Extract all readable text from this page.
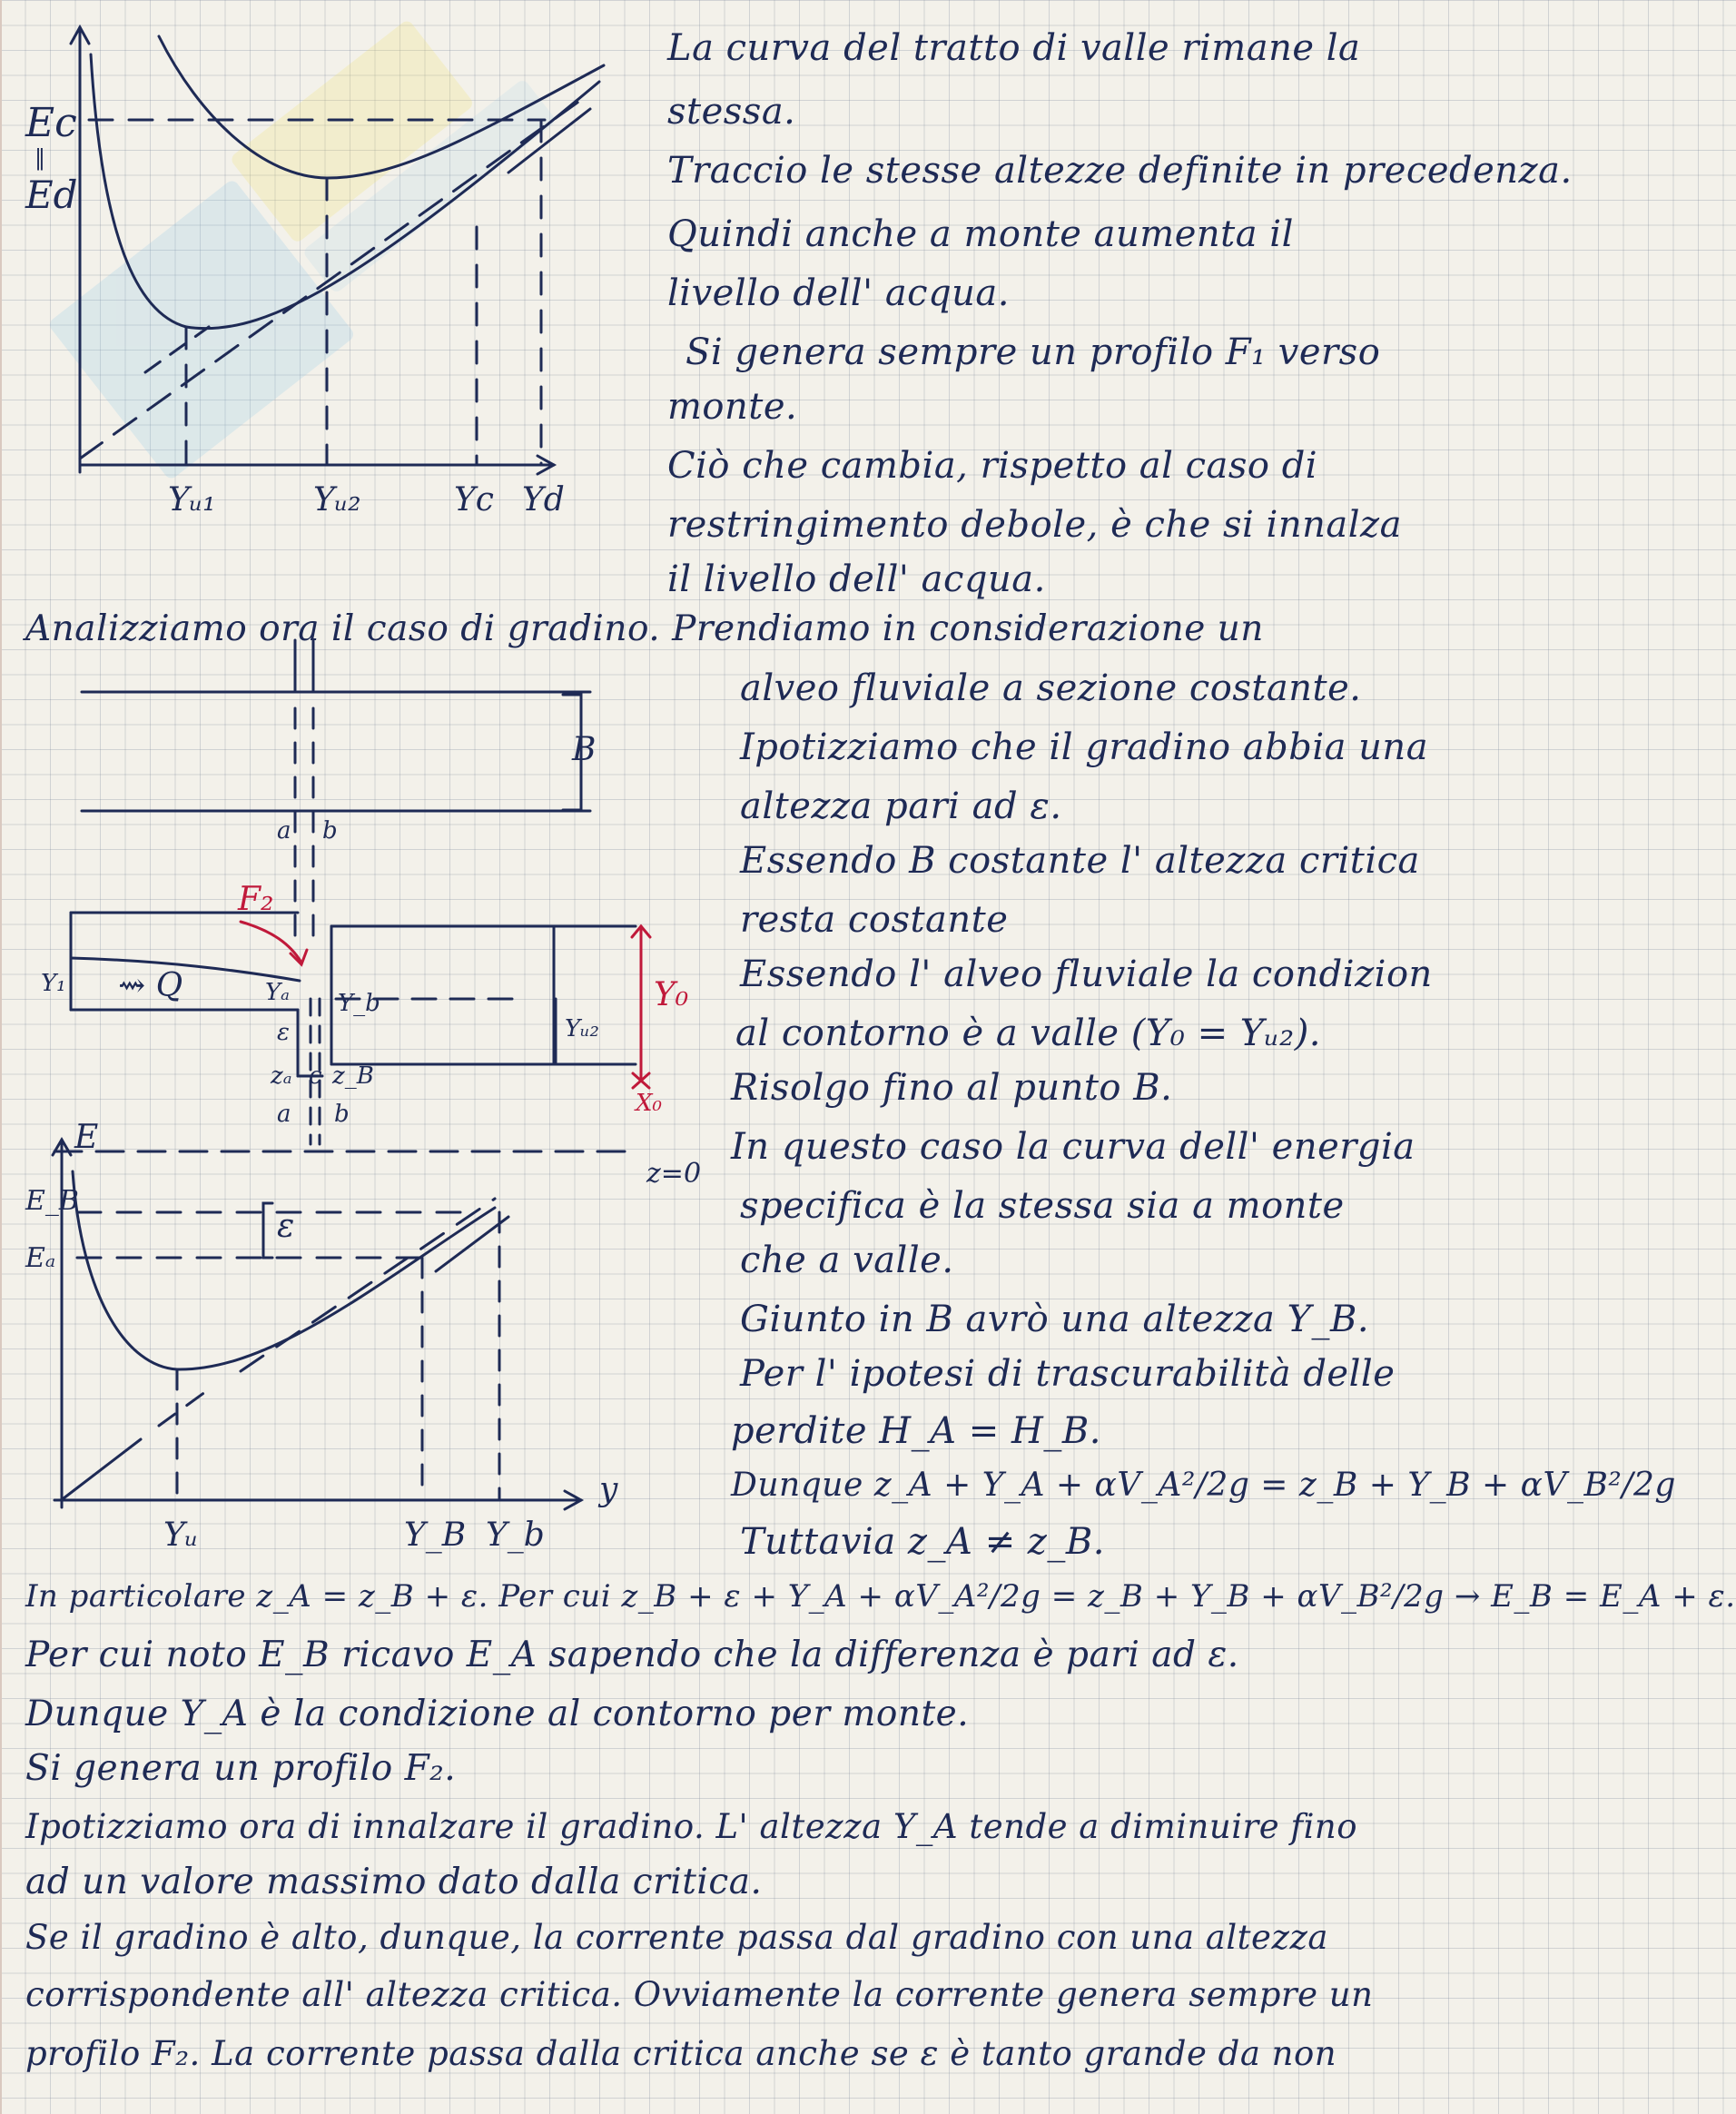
Ec
‖
Ed
Yᵤ₁	Yᵤ₂	Yc Yd
La curva del tratto di valle rimane la
stessa.
Traccio le stesse altezze definite in precedenza.
Quindi anche a monte aumenta il
livello dell' acqua.
Si genera sempre un profilo F₁ verso
monte.
Ciò che cambia, rispetto al caso di
restringimento debole, è che si innalza
il livello dell' acqua.
Analizziamo ora il caso di gradino. Prendiamo in considerazione un
B
a b
F₂
Y₁ ⇝ Q	Yₐ Y_b
ε
zₐ c z_B
a b
Y₀
Yᵤ₂
X₀
z=0
E
E_B
Eₐ
ε
y
Yᵤ	Y_B Y_b
alveo fluviale a sezione costante.
Ipotizziamo che il gradino abbia una
altezza pari ad ε.
Essendo B costante l' altezza critica
resta costante
Essendo l' alveo fluviale la condizion
al contorno è a valle (Y₀ = Yᵤ₂).
Risolgo fino al punto B.
In questo caso la curva dell' energia
specifica è la stessa sia a monte
che a valle.
Giunto in B avrò una altezza Y_B.
Per l' ipotesi di trascurabilità delle
perdite H_A = H_B.
Dunque z_A + Y_A + αV_A²/2g = z_B + Y_B + αV_B²/2g
Tuttavia z_A ≠ z_B.
In particolare z_A = z_B + ε. Per cui z_B + ε + Y_A + αV_A²/2g = z_B + Y_B + αV_B²/2g → E_B = E_A + ε.
Per cui noto E_B ricavo E_A sapendo che la differenza è pari ad ε.
Dunque Y_A è la condizione al contorno per monte.
Si genera un profilo F₂.
Ipotizziamo ora di innalzare il gradino. L' altezza Y_A tende a diminuire fino
ad un valore massimo dato dalla critica.
Se il gradino è alto, dunque, la corrente passa dal gradino con una altezza
corrispondente all' altezza critica. Ovviamente la corrente genera sempre un
profilo F₂. La corrente passa dalla critica anche se ε è tanto grande da non
